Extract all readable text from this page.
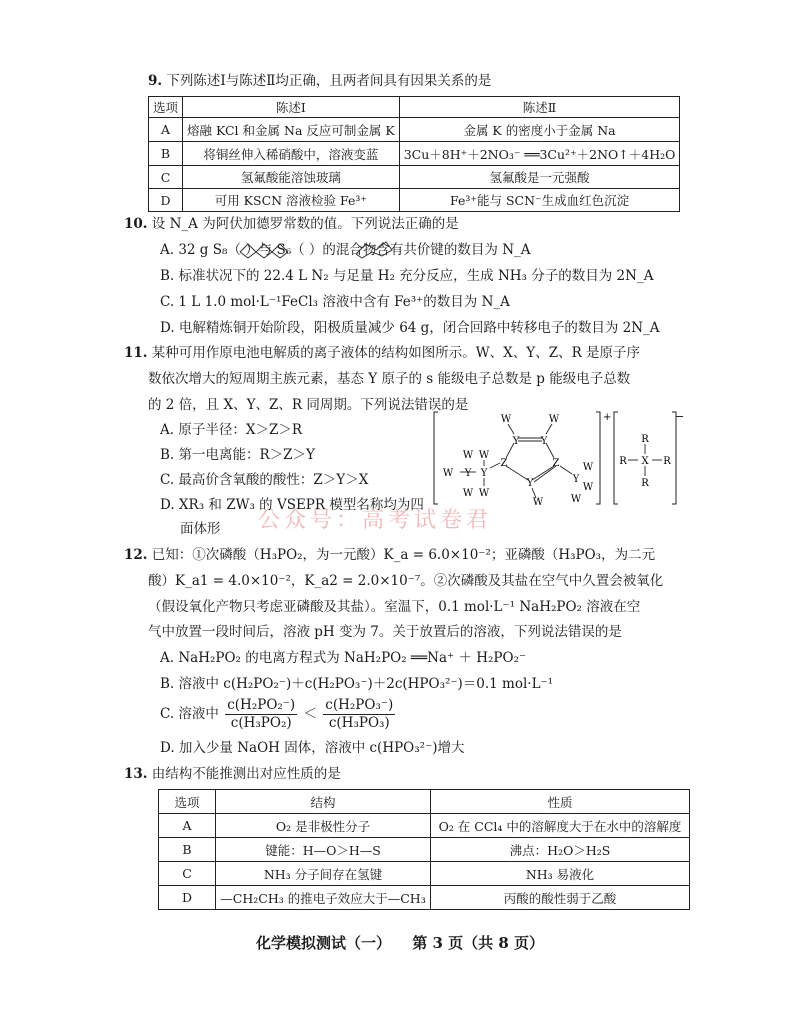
9. 下列陈述Ⅰ与陈述Ⅱ均正确，且两者间具有因果关系的是
选项	陈述Ⅰ	陈述Ⅱ
A	熔融 KCl 和金属 Na 反应可制金属 K	金属 K 的密度小于金属 Na
B	将铜丝伸入稀硝酸中，溶液变蓝	3Cu＋8H⁺＋2NO₃⁻ ══3Cu²⁺＋2NO↑＋4H₂O
C	氢氟酸能溶蚀玻璃	氢氟酸是一元强酸
D	可用 KSCN 溶液检验 Fe³⁺	Fe³⁺能与 SCN⁻生成血红色沉淀
10. 设 N_A 为阿伏加德罗常数的值。下列说法正确的是
A. 32 g S₈（ ）与 S₆（ ）的混合物含有共价键的数目为 N_A
B. 标准状况下的 22.4 L N₂ 与足量 H₂ 充分反应，生成 NH₃ 分子的数目为 2N_A
C. 1 L 1.0 mol·L⁻¹FeCl₃ 溶液中含有 Fe³⁺的数目为 N_A
D. 电解精炼铜开始阶段，阳极质量减少 64 g，闭合回路中转移电子的数目为 2N_A
11. 某种可用作原电池电解质的离子液体的结构如图所示。W、X、Y、Z、R 是原子序
数依次增大的短周期主族元素，基态 Y 原子的 s 能级电子总数是 p 能级电子总数
的 2 倍，且 X、Y、Z、R 同周期。下列说法错误的是
A. 原子半径：X＞Z＞R
B. 第一电离能：R＞Z＞Y
C. 最高价含氧酸的酸性：Z＞Y＞X
D. XR₃ 和 ZW₃ 的 VSEPR 模型名称均为四
面体形
+
Y Y
Z	Z
Y
Y
Y
Y
W
W W
W W
W	W
W
W
W
W
−
R
X
R
R	R
公众号：高考试卷君
12. 已知：①次磷酸（H₃PO₂，为一元酸）K_a = 6.0×10⁻²；亚磷酸（H₃PO₃，为二元
酸）K_a1 = 4.0×10⁻²，K_a2 = 2.0×10⁻⁷。②次磷酸及其盐在空气中久置会被氧化
（假设氧化产物只考虑亚磷酸及其盐）。室温下，0.1 mol·L⁻¹ NaH₂PO₂ 溶液在空
气中放置一段时间后，溶液 pH 变为 7。关于放置后的溶液，下列说法错误的是
A. NaH₂PO₂ 的电离方程式为 NaH₂PO₂ ══Na⁺ ＋ H₂PO₂⁻
B. 溶液中 c(H₂PO₂⁻)＋c(H₂PO₃⁻)＋2c(HPO₃²⁻)＝0.1 mol·L⁻¹
C. 溶液中 $\frac{\text{c(H₂PO₂⁻)}}{\text{c(H₃PO₂)}} < \frac{\text{c(H₂PO₃⁻)}}{\text{c(H₃PO₃)}}$
D. 加入少量 NaOH 固体，溶液中 c(HPO₃²⁻)增大
13. 由结构不能推测出对应性质的是
选项	结构	性质
A	O₂ 是非极性分子	O₂ 在 CCl₄ 中的溶解度大于在水中的溶解度
B	键能：H—O＞H—S	沸点：H₂O＞H₂S
C	NH₃ 分子间存在氢键	NH₃ 易液化
D	—CH₂CH₃ 的推电子效应大于—CH₃	丙酸的酸性弱于乙酸
化学模拟测试（一） 第 3 页（共 8 页）
